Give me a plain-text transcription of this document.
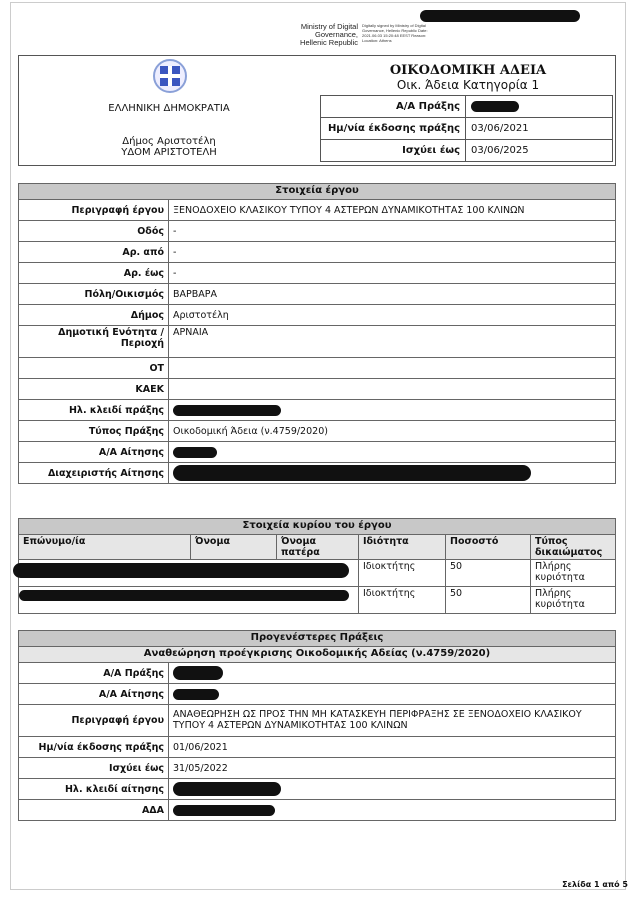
Ministry of Digital Governance, Hellenic Republic
Digitally signed by Ministry of Digital Governance, Hellenic Republic Date: 2021.06.03 15:20:48 EEST Reason: Location: Athens
ΕΛΛΗΝΙΚΗ ΔΗΜΟΚΡΑΤΙΑ
Δήμος Αριστοτέλη
ΥΔΟΜ ΑΡΙΣΤΟΤΕΛΗ
ΟΙΚΟΔΟΜΙΚΗ ΑΔΕΙΑ
Οικ. Άδεια Κατηγορία 1
Α/Α Πράξης	
Ημ/νία έκδοσης πράξης	03/06/2021
Ισχύει έως	03/06/2025
Στοιχεία έργου	
Περιγραφή έργου	ΞΕΝΟΔΟΧΕΙΟ ΚΛΑΣΙΚΟΥ ΤΥΠΟΥ 4 ΑΣΤΕΡΩΝ ΔΥΝΑΜΙΚΟΤΗΤΑΣ 100 ΚΛΙΝΩΝ
Οδός	-
Αρ. από	-
Αρ. έως	-
Πόλη/Οικισμός	ΒΑΡΒΑΡΑ
Δήμος	Αριστοτέλη
Δημοτική Ενότητα / Περιοχή	ΑΡΝΑΙΑ
ΟΤ	
ΚΑΕΚ	
Ηλ. κλειδί πράξης	
Τύπος Πράξης	Οικοδομική Άδεια (ν.4759/2020)
Α/Α Αίτησης	
Διαχειριστής Αίτησης	
Στοιχεία κυρίου του έργου					
Επώνυμο/ία	Όνομα	Όνομα πατέρα	Ιδιότητα	Ποσοστό	Τύπος δικαιώματος

			Ιδιοκτήτης	50	Πλήρης κυριότητα

			Ιδιοκτήτης	50	Πλήρης κυριότητα
Προγενέστερες Πράξεις	
Αναθεώρηση προέγκρισης Οικοδομικής Αδείας (ν.4759/2020)	
Α/Α Πράξης	
Α/Α Αίτησης	
Περιγραφή έργου	ΑΝΑΘΕΩΡΗΣΗ ΩΣ ΠΡΟΣ ΤΗΝ ΜΗ ΚΑΤΑΣΚΕΥΗ ΠΕΡΙΦΡΑΞΗΣ ΣΕ ΞΕΝΟΔΟΧΕΙΟ ΚΛΑΣΙΚΟΥ ΤΥΠΟΥ 4 ΑΣΤΕΡΩΝ ΔΥΝΑΜΙΚΟΤΗΤΑΣ 100 ΚΛΙΝΩΝ
Ημ/νία έκδοσης πράξης	01/06/2021
Ισχύει έως	31/05/2022
Ηλ. κλειδί αίτησης	
ΑΔΑ	
Σελίδα 1 από 5
